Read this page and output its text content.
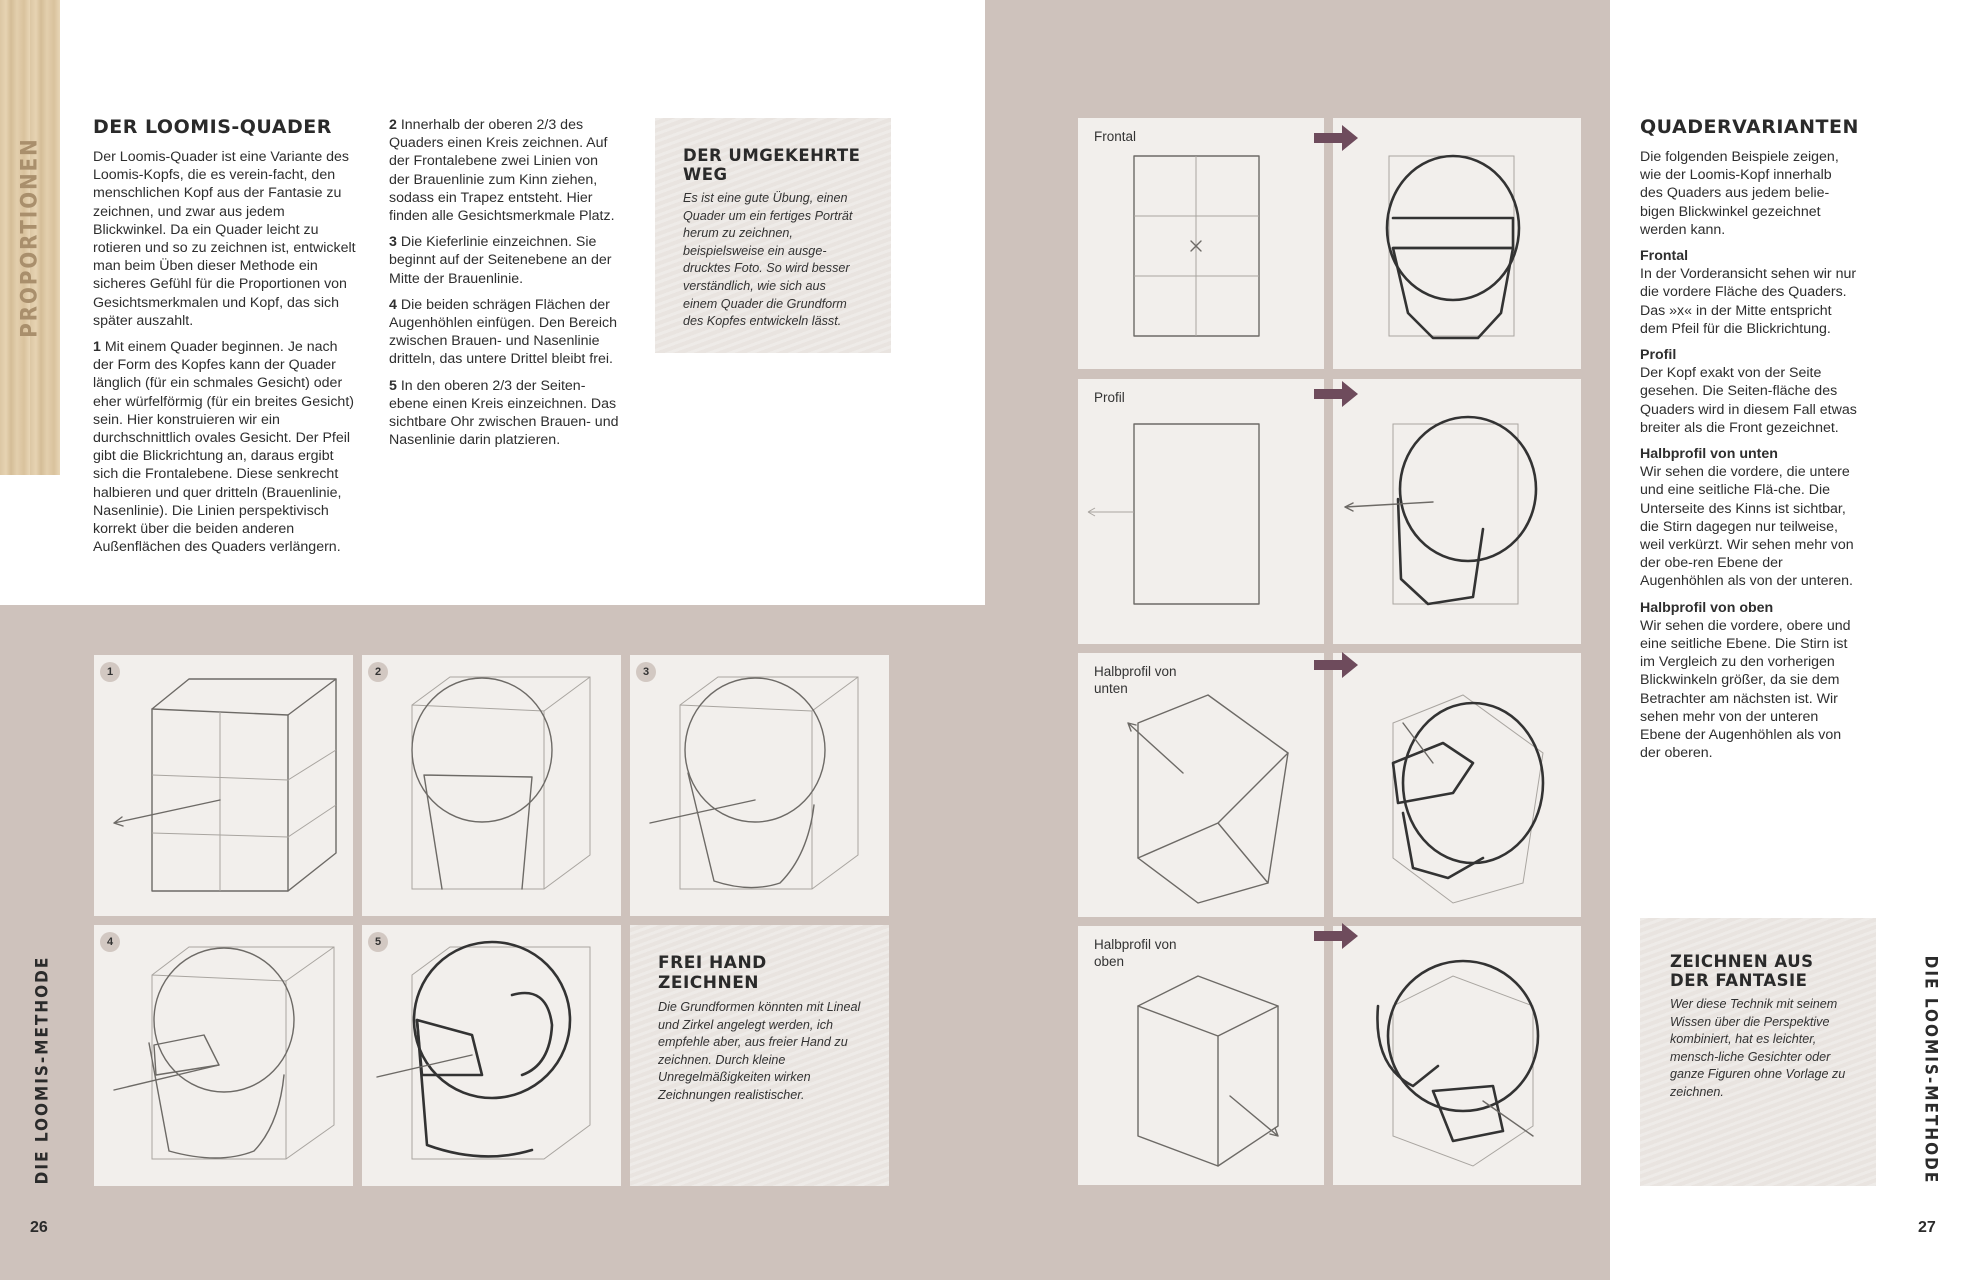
PROPORTIONEN
DER LOOMIS-QUADER

Der Loomis-Quader ist eine Variante des Loomis-Kopfs, die es verein-facht, den menschlichen Kopf aus der Fantasie zu zeichnen, und zwar aus jedem Blickwinkel. Da ein Quader leicht zu rotieren und so zu zeichnen ist, entwickelt man beim Üben dieser Methode ein sicheres Gefühl für die Proportionen von Gesichtsmerkmalen und Kopf, das sich später auszahlt.

1 Mit einem Quader beginnen. Je nach der Form des Kopfes kann der Quader länglich (für ein schmales Gesicht) oder eher würfelförmig (für ein breites Gesicht) sein. Hier konstruieren wir ein durchschnittlich ovales Gesicht. Der Pfeil gibt die Blickrichtung an, daraus ergibt sich die Frontalebene. Diese senkrecht halbieren und quer dritteln (Brauenlinie, Nasenlinie). Die Linien perspektivisch korrekt über die beiden anderen Außenflächen des Quaders verlängern.

2 Innerhalb der oberen 2/3 des Quaders einen Kreis zeichnen. Auf der Frontalebene zwei Linien von der Brauenlinie zum Kinn ziehen, sodass ein Trapez entsteht. Hier finden alle Gesichtsmerkmale Platz.

3 Die Kieferlinie einzeichnen. Sie beginnt auf der Seitenebene an der Mitte der Brauenlinie.

4 Die beiden schrägen Flächen der Augenhöhlen einfügen. Den Bereich zwischen Brauen- und Nasenlinie dritteln, das untere Drittel bleibt frei.

5 In den oberen 2/3 der Seiten-ebene einen Kreis einzeichnen. Das sichtbare Ohr zwischen Brauen- und Nasenlinie darin platzieren.

DER UMGEKEHRTE WEG
Es ist eine gute Übung, einen Quader um ein fertiges Porträt herum zu zeichnen, beispielsweise ein ausge-drucktes Foto. So wird besser verständlich, wie sich aus einem Quader die Grundform des Kopfes entwickeln lässt.
1	2	3
4	5
FREI HAND ZEICHNEN
Die Grundformen könnten mit Lineal und Zirkel angelegt werden, ich empfehle aber, aus freier Hand zu zeichnen. Durch kleine Unregelmäßigkeiten wirken Zeichnungen realistischer.
DIE LOOMIS-METHODE
26
Frontal
Profil
Halbprofil von unten
Halbprofil von oben
QUADERVARIANTEN

Die folgenden Beispiele zeigen, wie der Loomis-Kopf innerhalb des Quaders aus jedem belie-bigen Blickwinkel gezeichnet werden kann.

Frontal

In der Vorderansicht sehen wir nur die vordere Fläche des Quaders. Das »x« in der Mitte entspricht dem Pfeil für die Blickrichtung.

Profil

Der Kopf exakt von der Seite gesehen. Die Seiten-fläche des Quaders wird in diesem Fall etwas breiter als die Front gezeichnet.

Halbprofil von unten

Wir sehen die vordere, die untere und eine seitliche Flä-che. Die Unterseite des Kinns ist sichtbar, die Stirn dagegen nur teilweise, weil verkürzt. Wir sehen mehr von der obe-ren Ebene der Augenhöhlen als von der unteren.

Halbprofil von oben

Wir sehen die vordere, obere und eine seitliche Ebene. Die Stirn ist im Vergleich zu den vorherigen Blickwinkeln größer, da sie dem Betrachter am nächsten ist. Wir sehen mehr von der unteren Ebene der Augenhöhlen als von der oberen.

ZEICHNEN AUS DER FANTASIE
Wer diese Technik mit seinem Wissen über die Perspektive kombiniert, hat es leichter, mensch-liche Gesichter oder ganze Figuren ohne Vorlage zu zeichnen.	DIE LOOMIS-METHODE
27
